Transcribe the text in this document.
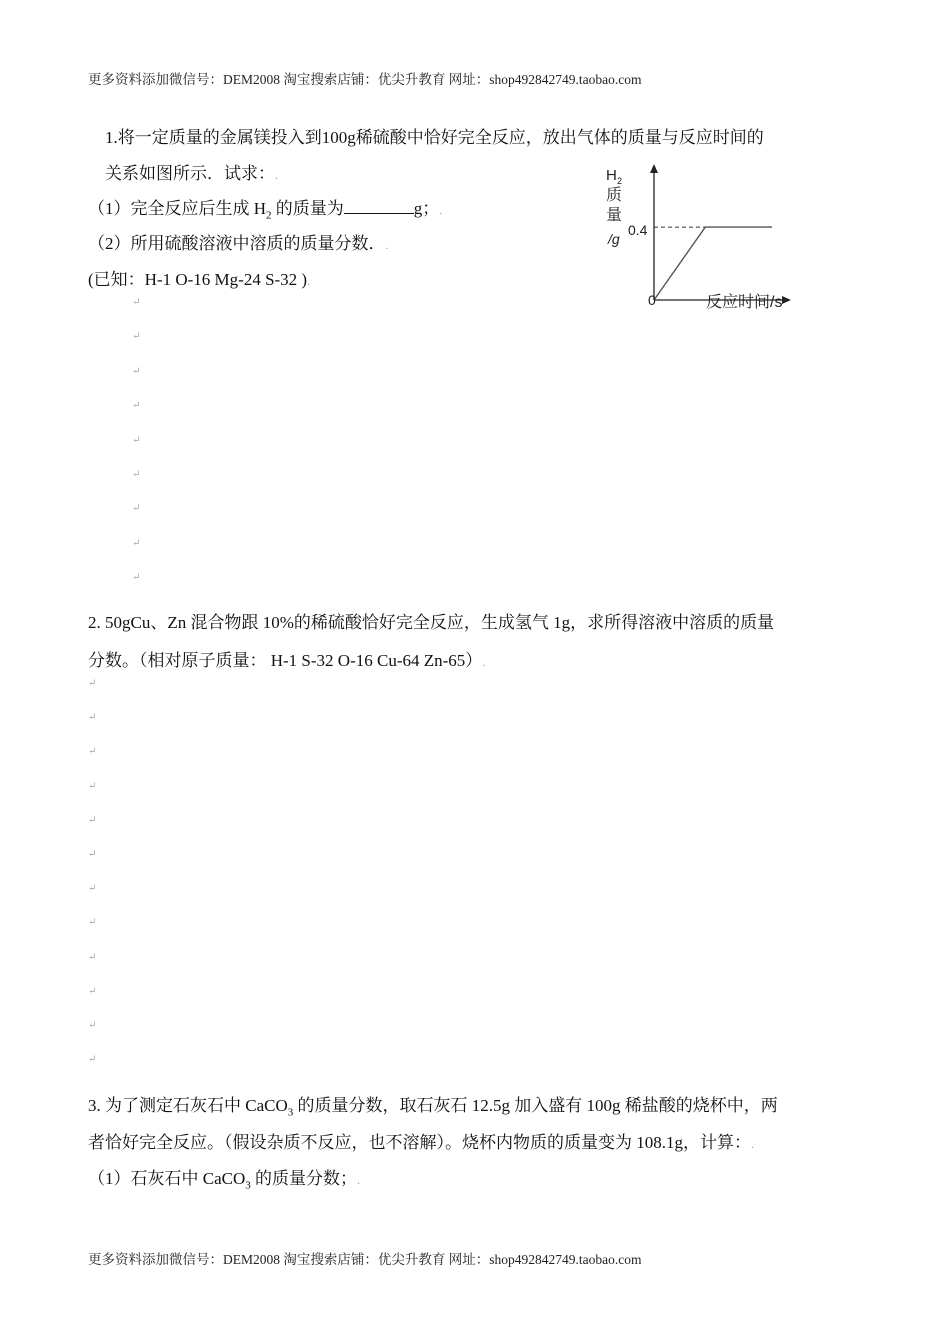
更多资料添加微信号：DEM2008 淘宝搜索店铺：优尖升教育 网址：shop492842749.taobao.com
1.将一定质量的金属镁投入到100g稀硫酸中恰好完全反应，放出气体的质量与反应时间的
关系如图所示．试求：.
（1）完全反应后生成 $H_2$ 的质量为	g；.
（2）所用硫酸溶液中溶质的质量分数．.
(已知：H-1 O-16 Mg-24 S-32 ).
H 2
质
量
/g
0.4
0	反应时间/s
2. 50gCu、Zn 混合物跟 10%的稀硫酸恰好完全反应，生成氢气 1g，求所得溶液中溶质的质量
分数。（相对原子质量： H-1 S-32 O-16 Cu-64 Zn-65）.
3. 为了测定石灰石中 CaCO$_3$ 的质量分数，取石灰石 12.5g 加入盛有 100g 稀盐酸的烧杯中，两
者恰好完全反应。（假设杂质不反应，也不溶解）。烧杯内物质的质量变为 108.1g，计算：.
（1）石灰石中 CaCO$_3$ 的质量分数；.
↵
↵
↵
↵
↵
↵
↵
↵
↵
↵
↵
↵
↵
↵
↵
↵
↵
↵
↵
↵
↵
更多资料添加微信号：DEM2008 淘宝搜索店铺：优尖升教育 网址：shop492842749.taobao.com
